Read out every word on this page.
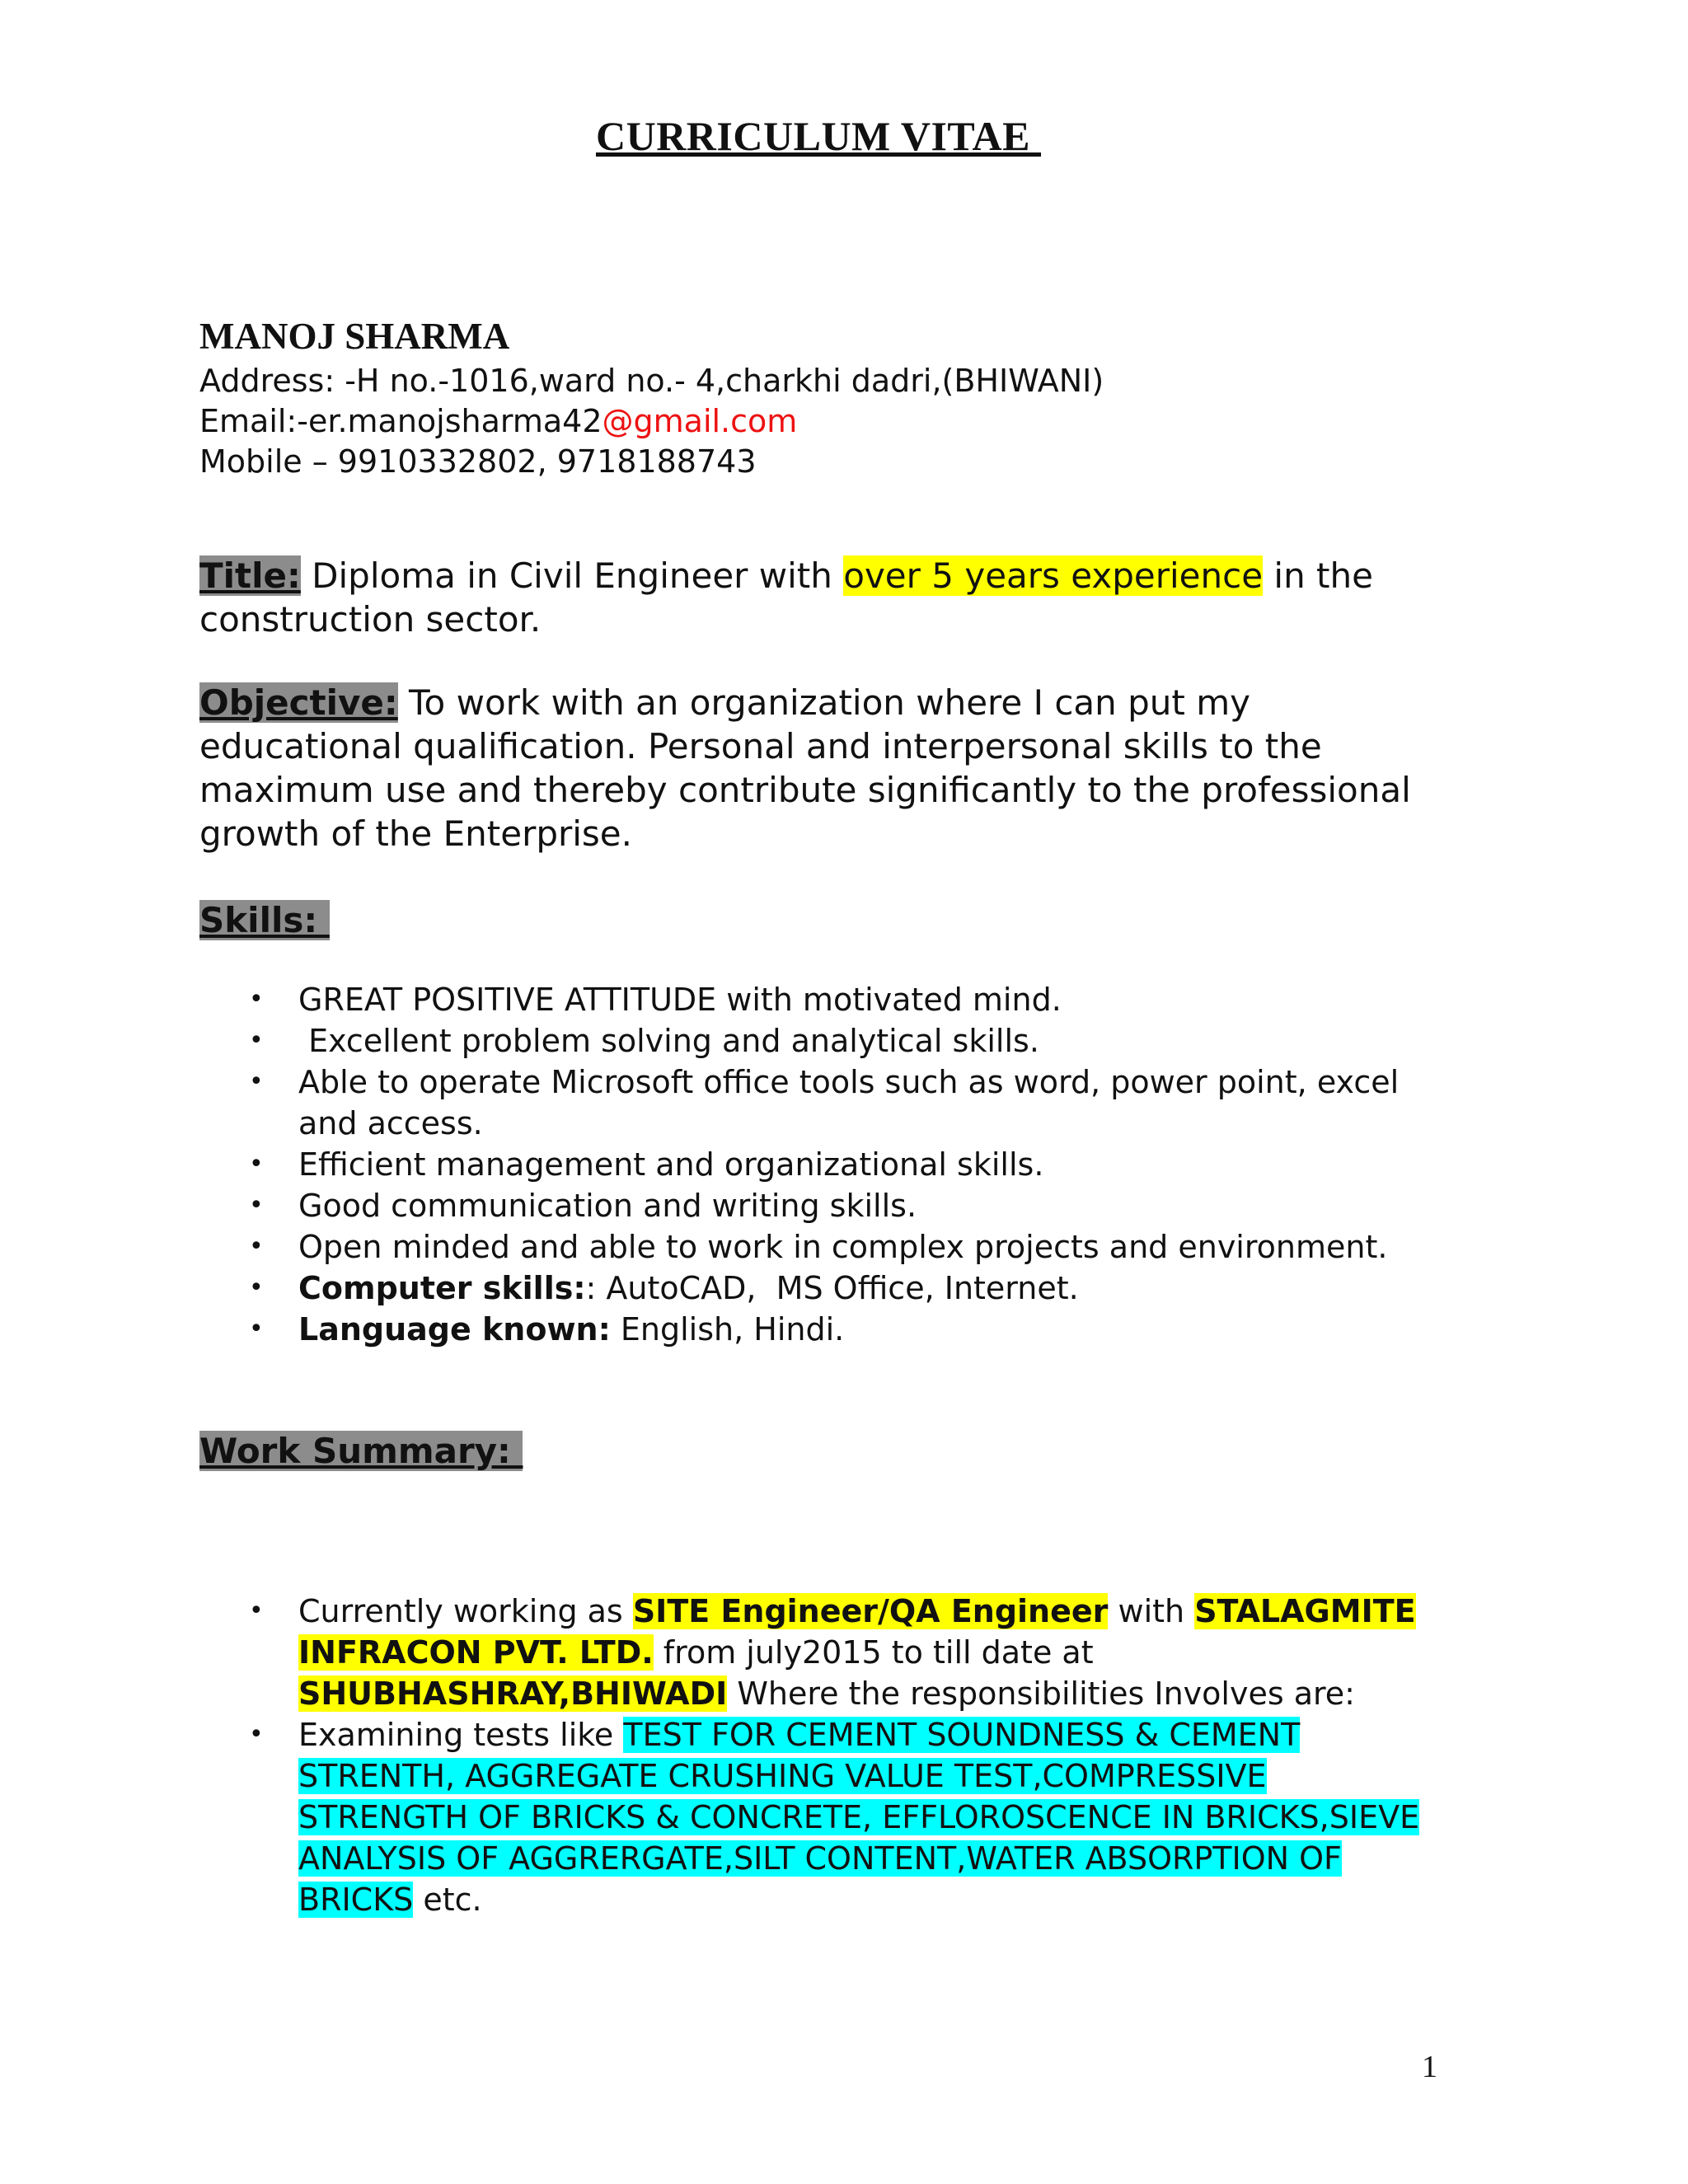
CURRICULUM VITAE
MANOJ SHARMA
Address: -H no.-1016,ward no.- 4,charkhi dadri,(BHIWANI)
Email:-er.manojsharma42@gmail.com
Mobile – 9910332802, 9718188743
Title: Diploma in Civil Engineer with over 5 years experience in the construction sector.
Objective: To work with an organization where I can put my educational qualification. Personal and interpersonal skills to the maximum use and thereby contribute significantly to the professional growth of the Enterprise.
Skills:
• GREAT POSITIVE ATTITUDE with motivated mind.
• Excellent problem solving and analytical skills.
• Able to operate Microsoft office tools such as word, power point, excel and access.
• Efficient management and organizational skills.
• Good communication and writing skills.
• Open minded and able to work in complex projects and environment.
• Computer skills:: AutoCAD,  MS Office, Internet.
• Language known: English, Hindi.
Work Summary:
• Currently working as SITE Engineer/QA Engineer with STALAGMITE INFRACON PVT. LTD. from july2015 to till date at SHUBHASHRAY,BHIWADI Where the responsibilities Involves are:
• Examining tests like TEST FOR CEMENT SOUNDNESS & CEMENT STRENTH, AGGREGATE CRUSHING VALUE TEST,COMPRESSIVE STRENGTH OF BRICKS & CONCRETE, EFFLOROSCENCE IN BRICKS,SIEVE ANALYSIS OF AGGRERGATE,SILT CONTENT,WATER ABSORPTION OF BRICKS etc.
1
